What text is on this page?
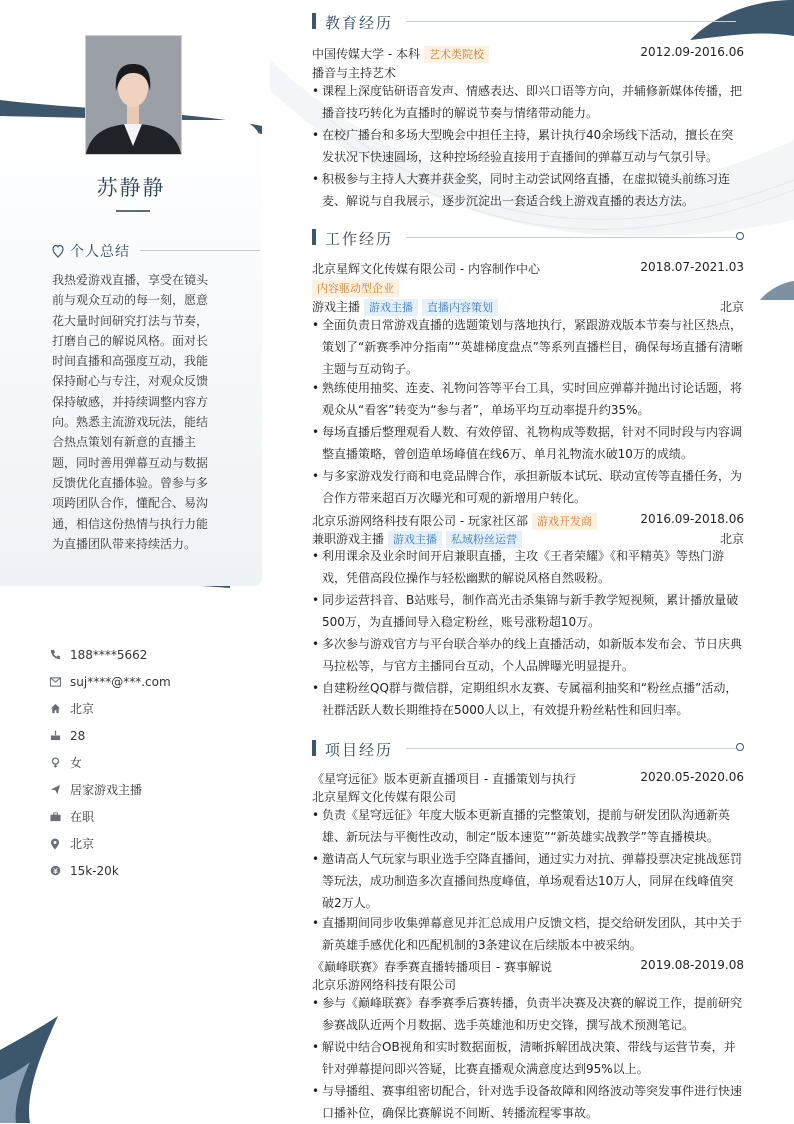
苏静静
个人总结
我热爱游戏直播，享受在镜头前与观众互动的每一刻，愿意花大量时间研究打法与节奏，打磨自己的解说风格。面对长时间直播和高强度互动，我能保持耐心与专注，对观众反馈保持敏感，并持续调整内容方向。熟悉主流游戏玩法，能结合热点策划有新意的直播主题，同时善用弹幕互动与数据反馈优化直播体验。曾参与多项跨团队合作，懂配合、易沟通，相信这份热情与执行力能为直播团队带来持续活力。
188****5662
suj****@***.com
北京
28
女
居家游戏主播
在职
北京
15k-20k
教育经历
中国传媒大学 - 本科 艺术类院校	2012.09-2016.06
播音与主持艺术
• 课程上深度钻研语音发声、情感表达、即兴口语等方向，并辅修新媒体传播，把播音技巧转化为直播时的解说节奏与情绪带动能力。
• 在校广播台和多场大型晚会中担任主持，累计执行40余场线下活动，擅长在突发状况下快速圆场，这种控场经验直接用于直播间的弹幕互动与气氛引导。
• 积极参与主持人大赛并获金奖，同时主动尝试网络直播，在虚拟镜头前练习连麦、解说与自我展示，逐步沉淀出一套适合线上游戏直播的表达方法。
工作经历
北京星辉文化传媒有限公司 - 内容制作中心	2018.07-2021.03
内容驱动型企业
游戏主播 游戏主播 直播内容策划	北京
• 全面负责日常游戏直播的选题策划与落地执行，紧跟游戏版本节奏与社区热点，策划了“新赛季冲分指南”“英雄梯度盘点”等系列直播栏目，确保每场直播有清晰主题与互动钩子。
• 熟练使用抽奖、连麦、礼物问答等平台工具，实时回应弹幕并抛出讨论话题，将观众从“看客”转变为“参与者”，单场平均互动率提升约35%。
• 每场直播后整理观看人数、有效停留、礼物构成等数据，针对不同时段与内容调整直播策略，曾创造单场峰值在线6万、单月礼物流水破10万的成绩。
• 与多家游戏发行商和电竞品牌合作，承担新版本试玩、联动宣传等直播任务，为合作方带来超百万次曝光和可观的新增用户转化。
北京乐游网络科技有限公司 - 玩家社区部 游戏开发商	2016.09-2018.06
兼职游戏主播 游戏主播 私域粉丝运营	北京
• 利用课余及业余时间开启兼职直播，主攻《王者荣耀》《和平精英》等热门游戏，凭借高段位操作与轻松幽默的解说风格自然吸粉。
• 同步运营抖音、B站账号，制作高光击杀集锦与新手教学短视频，累计播放量破500万，为直播间导入稳定粉丝，账号涨粉超10万。
• 多次参与游戏官方与平台联合举办的线上直播活动，如新版本发布会、节日庆典马拉松等，与官方主播同台互动，个人品牌曝光明显提升。
• 自建粉丝QQ群与微信群，定期组织水友赛、专属福利抽奖和“粉丝点播”活动，社群活跃人数长期维持在5000人以上，有效提升粉丝粘性和回归率。
项目经历
《星穹远征》版本更新直播项目 - 直播策划与执行	2020.05-2020.06
北京星辉文化传媒有限公司
• 负责《星穹远征》年度大版本更新直播的完整策划，提前与研发团队沟通新英雄、新玩法与平衡性改动，制定“版本速览”“新英雄实战教学”等直播模块。
• 邀请高人气玩家与职业选手空降直播间，通过实力对抗、弹幕投票决定挑战惩罚等玩法，成功制造多次直播间热度峰值，单场观看达10万人，同屏在线峰值突破2万人。
• 直播期间同步收集弹幕意见并汇总成用户反馈文档，提交给研发团队，其中关于新英雄手感优化和匹配机制的3条建议在后续版本中被采纳。
《巅峰联赛》春季赛直播转播项目 - 赛事解说	2019.08-2019.08
北京乐游网络科技有限公司
• 参与《巅峰联赛》春季赛季后赛转播，负责半决赛及决赛的解说工作，提前研究参赛战队近两个月数据、选手英雄池和历史交锋，撰写战术预测笔记。
• 解说中结合OB视角和实时数据面板，清晰拆解团战决策、带线与运营节奏，并针对弹幕提问即兴答疑，比赛直播观众满意度达到95%以上。
• 与导播组、赛事组密切配合，针对选手设备故障和网络波动等突发事件进行快速口播补位，确保比赛解说不间断、转播流程零事故。
